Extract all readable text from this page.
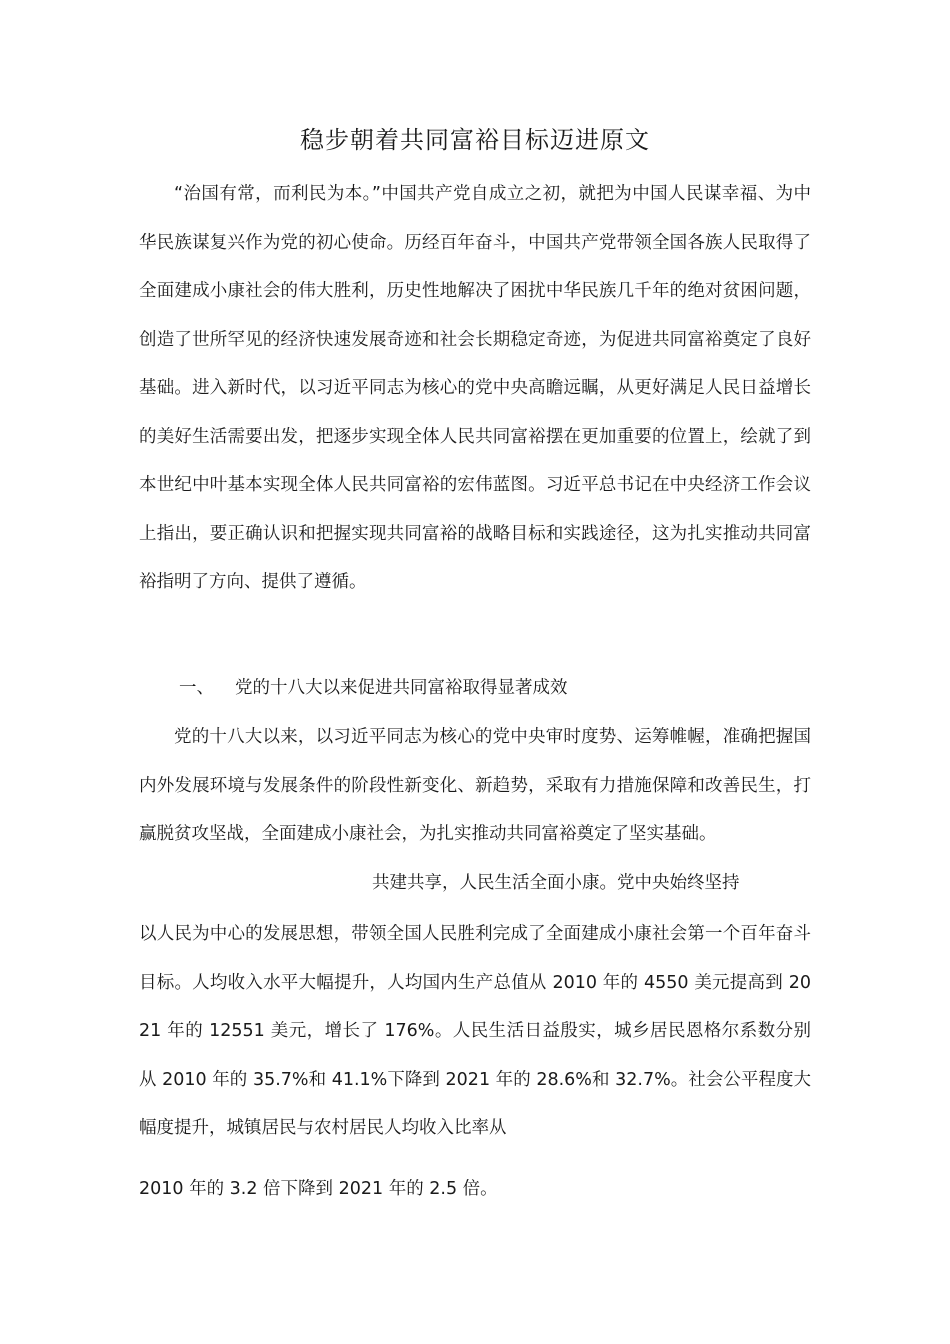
稳步朝着共同富裕目标迈进原文

“治国有常，而利民为本。”中国共产党自成立之初，就把为中国人民谋幸福、为中华民族谋复兴作为党的初心使命。历经百年奋斗，中国共产党带领全国各族人民取得了全面建成小康社会的伟大胜利，历史性地解决了困扰中华民族几千年的绝对贫困问题，创造了世所罕见的经济快速发展奇迹和社会长期稳定奇迹，为促进共同富裕奠定了良好基础。进入新时代，以习近平同志为核心的党中央高瞻远瞩，从更好满足人民日益增长的美好生活需要出发，把逐步实现全体人民共同富裕摆在更加重要的位置上，绘就了到本世纪中叶基本实现全体人民共同富裕的宏伟蓝图。习近平总书记在中央经济工作会议上指出，要正确认识和把握实现共同富裕的战略目标和实践途径，这为扎实推动共同富裕指明了方向、提供了遵循。

一、 党的十八大以来促进共同富裕取得显著成效

党的十八大以来，以习近平同志为核心的党中央审时度势、运筹帷幄，准确把握国内外发展环境与发展条件的阶段性新变化、新趋势，采取有力措施保障和改善民生，打赢脱贫攻坚战，全面建成小康社会，为扎实推动共同富裕奠定了坚实基础。

共建共享，人民生活全面小康。党中央始终坚持

以人民为中心的发展思想，带领全国人民胜利完成了全面建成小康社会第一个百年奋斗目标。人均收入水平大幅提升，人均国内生产总值从 2010 年的 4550 美元提高到 2021 年的 12551 美元，增长了 176%。人民生活日益殷实，城乡居民恩格尔系数分别从 2010 年的 35.7%和 41.1%下降到 2021 年的 28.6%和 32.7%。社会公平程度大幅度提升，城镇居民与农村居民人均收入比率从

2010 年的 3.2 倍下降到 2021 年的 2.5 倍。
